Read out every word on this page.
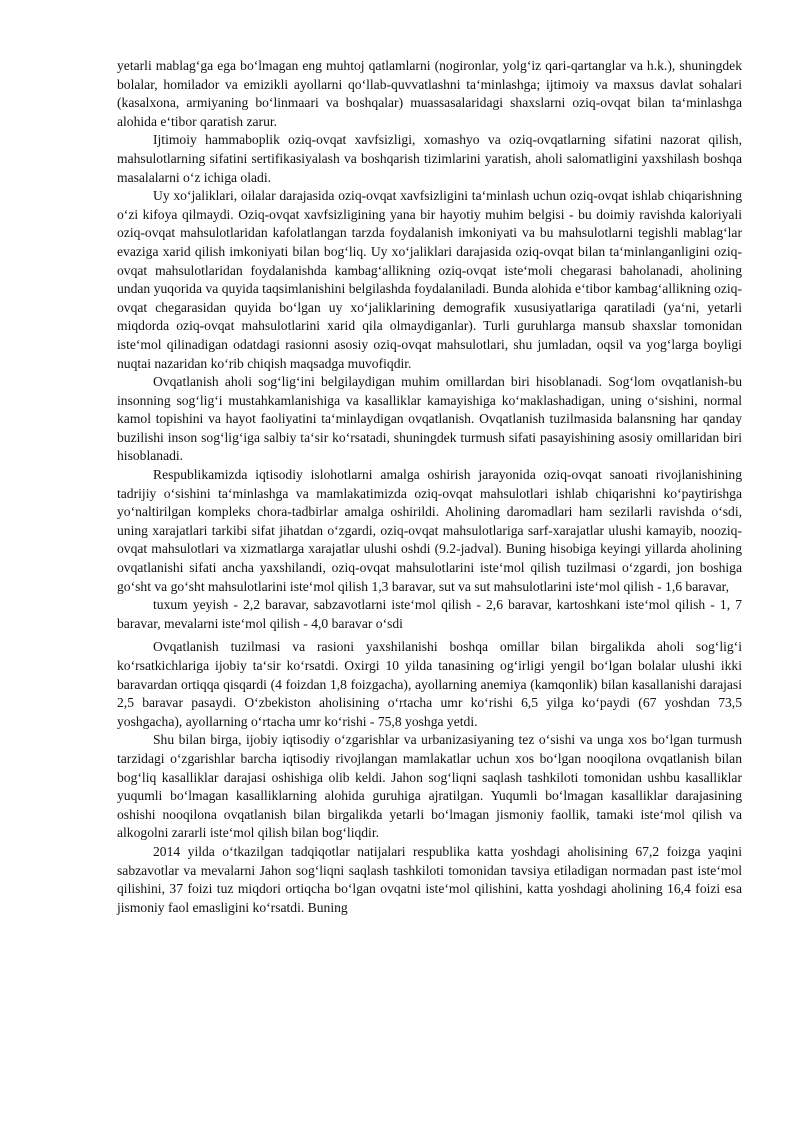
yetarli mablag‘ga ega bo‘lmagan eng muhtoj qatlamlarni (nogironlar, yolg‘iz qari-qartanglar va h.k.), shuningdek bolalar, homilador va emizikli ayollarni qo‘llab-quvvatlashni ta‘minlashga; ijtimoiy va maxsus davlat sohalari (kasalxona, armiyaning bo‘linmaari va boshqalar) muassasalaridagi shaxslarni oziq-ovqat bilan ta‘minlashga alohida e‘tibor qaratish zarur.

Ijtimoiy hammaboplik oziq-ovqat xavfsizligi, xomashyo va oziq-ovqatlarning sifatini nazorat qilish, mahsulotlarning sifatini sertifikasiyalash va boshqarish tizimlarini yaratish, aholi salomatligini yaxshilash boshqa masalalarni o‘z ichiga oladi.

Uy xo‘jaliklari, oilalar darajasida oziq-ovqat xavfsizligini ta‘minlash uchun oziq-ovqat ishlab chiqarishning o‘zi kifoya qilmaydi. Oziq-ovqat xavfsizligining yana bir hayotiy muhim belgisi - bu doimiy ravishda kaloriyali oziq-ovqat mahsulotlaridan kafolatlangan tarzda foydalanish imkoniyati va bu mahsulotlarni tegishli mablag‘lar evaziga xarid qilish imkoniyati bilan bog‘liq. Uy xo‘jaliklari darajasida oziq-ovqat bilan ta‘minlanganligini oziq-ovqat mahsulotlaridan foydalanishda kambag‘allikning oziq-ovqat iste‘moli chegarasi baholanadi, aholining undan yuqorida va quyida taqsimlanishini belgilashda foydalaniladi. Bunda alohida e‘tibor kambag‘allikning oziq-ovqat chegarasidan quyida bo‘lgan uy xo‘jaliklarining demografik xususiyatlariga qaratiladi (ya‘ni, yetarli miqdorda oziq-ovqat mahsulotlarini xarid qila olmaydiganlar). Turli guruhlarga mansub shaxslar tomonidan iste‘mol qilinadigan odatdagi rasionni asosiy oziq-ovqat mahsulotlari, shu jumladan, oqsil va yog‘larga boyligi nuqtai nazaridan ko‘rib chiqish maqsadga muvofiqdir.

Ovqatlanish aholi sog‘lig‘ini belgilaydigan muhim omillardan biri hisoblanadi. Sog‘lom ovqatlanish-bu insonning sog‘lig‘i mustahkamlanishiga va kasalliklar kamayishiga ko‘maklashadigan, uning o‘sishini, normal kamol topishini va hayot faoliyatini ta‘minlaydigan ovqatlanish. Ovqatlanish tuzilmasida balansning har qanday buzilishi inson sog‘lig‘iga salbiy ta‘sir ko‘rsatadi, shuningdek turmush sifati pasayishining asosiy omillaridan biri hisoblanadi.

Respublikamizda iqtisodiy islohotlarni amalga oshirish jarayonida oziq-ovqat sanoati rivojlanishining tadrijiy o‘sishini ta‘minlashga va mamlakatimizda oziq-ovqat mahsulotlari ishlab chiqarishni ko‘paytirishga yo‘naltirilgan kompleks chora-tadbirlar amalga oshirildi. Aholining daromadlari ham sezilarli ravishda o‘sdi, uning xarajatlari tarkibi sifat jihatdan o‘zgardi, oziq-ovqat mahsulotlariga sarf-xarajatlar ulushi kamayib, nooziq-ovqat mahsulotlari va xizmatlarga xarajatlar ulushi oshdi (9.2-jadval). Buning hisobiga keyingi yillarda aholining ovqatlanishi sifati ancha yaxshilandi, oziq-ovqat mahsulotlarini iste‘mol qilish tuzilmasi o‘zgardi, jon boshiga go‘sht va go‘sht mahsulotlarini iste‘mol qilish 1,3 baravar, sut va sut mahsulotlarini iste‘mol qilish - 1,6 baravar,

tuxum yeyish - 2,2 baravar, sabzavotlarni iste‘mol qilish - 2,6 baravar, kartoshkani iste‘mol qilish - 1, 7 baravar, mevalarni iste‘mol qilish - 4,0 baravar o‘sdi

Ovqatlanish tuzilmasi va rasioni yaxshilanishi boshqa omillar bilan birgalikda aholi sog‘lig‘i ko‘rsatkichlariga ijobiy ta‘sir ko‘rsatdi. Oxirgi 10 yilda tanasining og‘irligi yengil bo‘lgan bolalar ulushi ikki baravardan ortiqqa qisqardi (4 foizdan 1,8 foizgacha), ayollarning anemiya (kamqonlik) bilan kasallanishi darajasi 2,5 baravar pasaydi. O‘zbekiston aholisining o‘rtacha umr ko‘rishi 6,5 yilga ko‘paydi (67 yoshdan 73,5 yoshgacha), ayollarning o‘rtacha umr ko‘rishi - 75,8 yoshga yetdi.

Shu bilan birga, ijobiy iqtisodiy o‘zgarishlar va urbanizasiyaning tez o‘sishi va unga xos bo‘lgan turmush tarzidagi o‘zgarishlar barcha iqtisodiy rivojlangan mamlakatlar uchun xos bo‘lgan nooqilona ovqatlanish bilan bog‘liq kasalliklar darajasi oshishiga olib keldi. Jahon sog‘liqni saqlash tashkiloti tomonidan ushbu kasalliklar yuqumli bo‘lmagan kasalliklarning alohida guruhiga ajratilgan. Yuqumli bo‘lmagan kasalliklar darajasining oshishi nooqilona ovqatlanish bilan birgalikda yetarli bo‘lmagan jismoniy faollik, tamaki iste‘mol qilish va alkogolni zararli iste‘mol qilish bilan bog‘liqdir.

2014 yilda o‘tkazilgan tadqiqotlar natijalari respublika katta yoshdagi aholisining 67,2 foizga yaqini sabzavotlar va mevalarni Jahon sog‘liqni saqlash tashkiloti tomonidan tavsiya etiladigan normadan past iste‘mol qilishini, 37 foizi tuz miqdori ortiqcha bo‘lgan ovqatni iste‘mol qilishini, katta yoshdagi aholining 16,4 foizi esa jismoniy faol emasligini ko‘rsatdi. Buning
